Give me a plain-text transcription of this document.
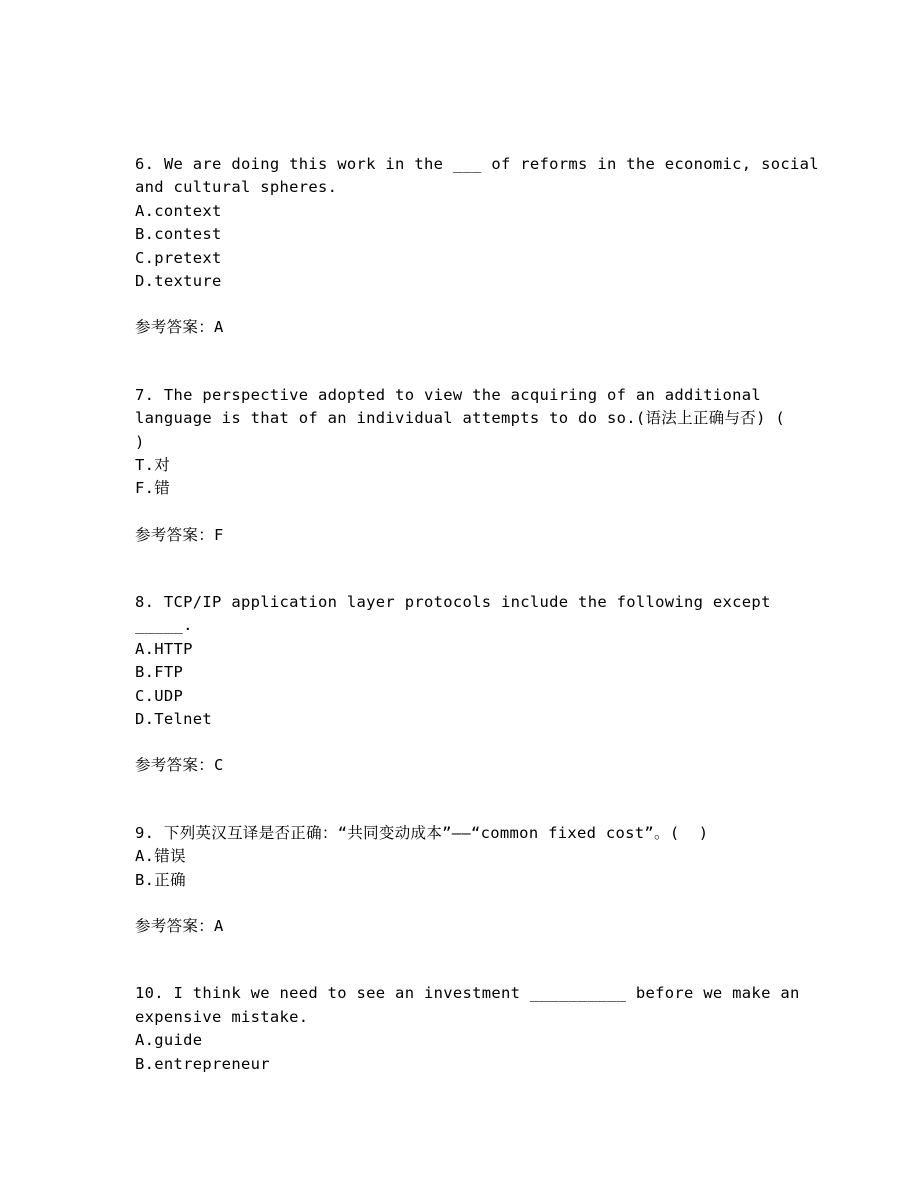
6. We are doing this work in the ___ of reforms in the economic, social
and cultural spheres.
A.context
B.contest
C.pretext
D.texture
参考答案：A
7. The perspective adopted to view the acquiring of an additional
language is that of an individual attempts to do so.(语法上正确与否) (
)
T.对
F.错
参考答案：F
8. TCP/IP application layer protocols include the following except
_____.
A.HTTP
B.FTP
C.UDP
D.Telnet
参考答案：C
9. 下列英汉互译是否正确：“共同变动成本”——“common fixed cost”。(  )
A.错误
B.正确
参考答案：A
10. I think we need to see an investment __________ before we make an
expensive mistake.
A.guide
B.entrepreneur
